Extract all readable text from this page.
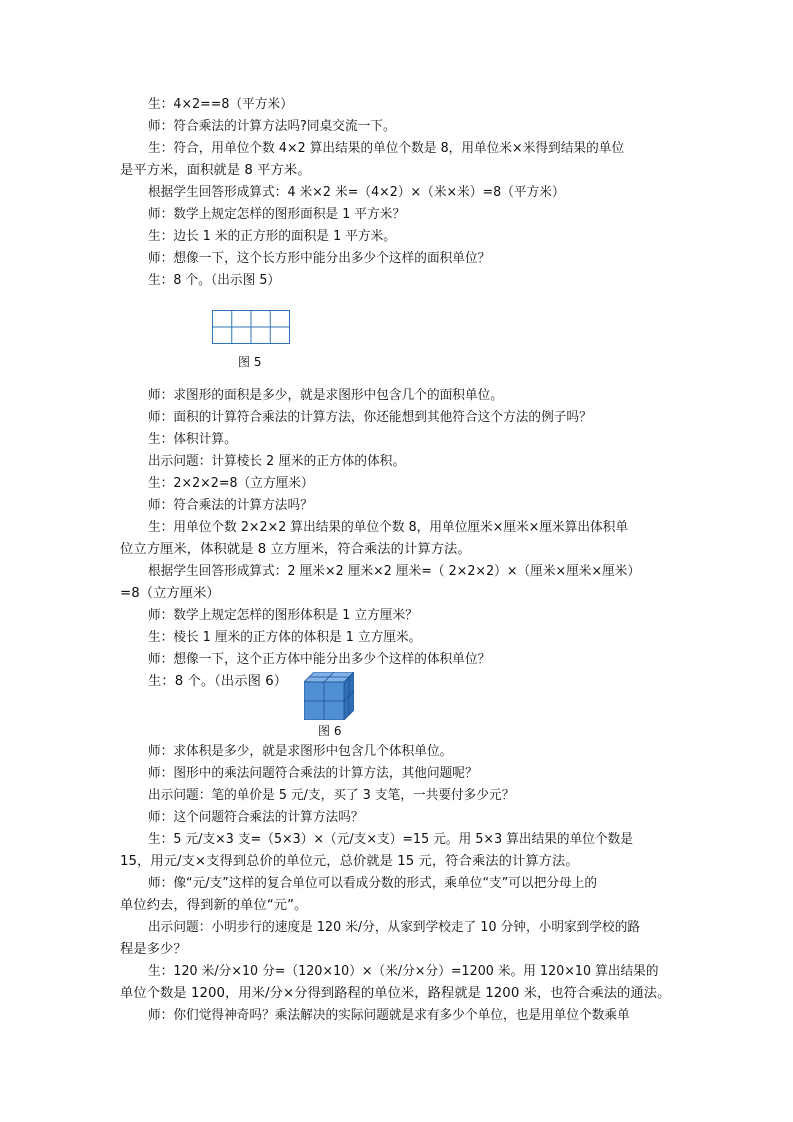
生：4×2==8（平方米）
师：符合乘法的计算方法吗?同桌交流一下。
生：符合，用单位个数 4×2 算出结果的单位个数是 8，用单位米×米得到结果的单位
是平方米，面积就是 8 平方米。
根据学生回答形成算式：4 米×2 米=（4×2）×（米×米）=8（平方米）
师：数学上规定怎样的图形面积是 1 平方米？
生：边长 1 米的正方形的面积是 1 平方米。
师：想像一下，这个长方形中能分出多少个这样的面积单位？
生：8 个。（出示图 5）
图 5
师：求图形的面积是多少，就是求图形中包含几个的面积单位。
师：面积的计算符合乘法的计算方法，你还能想到其他符合这个方法的例子吗？
生：体积计算。
出示问题：计算棱长 2 厘米的正方体的体积。
生：2×2×2=8（立方厘米）
师：符合乘法的计算方法吗？
生：用单位个数 2×2×2 算出结果的单位个数 8，用单位厘米×厘米×厘米算出体积单
位立方厘米，体积就是 8 立方厘米，符合乘法的计算方法。
根据学生回答形成算式：2 厘米×2 厘米×2 厘米=（ 2×2×2）×（厘米×厘米×厘米）
=8（立方厘米）
师：数学上规定怎样的图形体积是 1 立方厘米？
生：棱长 1 厘米的正方体的体积是 1 立方厘米。
师：想像一下，这个正方体中能分出多少个这样的体积单位？
生：8 个。（出示图 6）
图 6
师：求体积是多少，就是求图形中包含几个体积单位。
师：图形中的乘法问题符合乘法的计算方法，其他问题呢？
出示问题：笔的单价是 5 元/支，买了 3 支笔，一共要付多少元？
师：这个问题符合乘法的计算方法吗？
生：5 元/支×3 支=（5×3）×（元/支×支）=15 元。用 5×3 算出结果的单位个数是
15，用元/支×支得到总价的单位元，总价就是 15 元，符合乘法的计算方法。
师：像“元/支”这样的复合单位可以看成分数的形式，乘单位“支”可以把分母上的
单位约去，得到新的单位“元”。
出示问题：小明步行的速度是 120 米/分，从家到学校走了 10 分钟，小明家到学校的路
程是多少？
生：120 米/分×10 分=（120×10）×（米/分×分）=1200 米。用 120×10 算出结果的
单位个数是 1200，用米/分×分得到路程的单位米，路程就是 1200 米，也符合乘法的通法。
师：你们觉得神奇吗？乘法解决的实际问题就是求有多少个单位，也是用单位个数乘单
